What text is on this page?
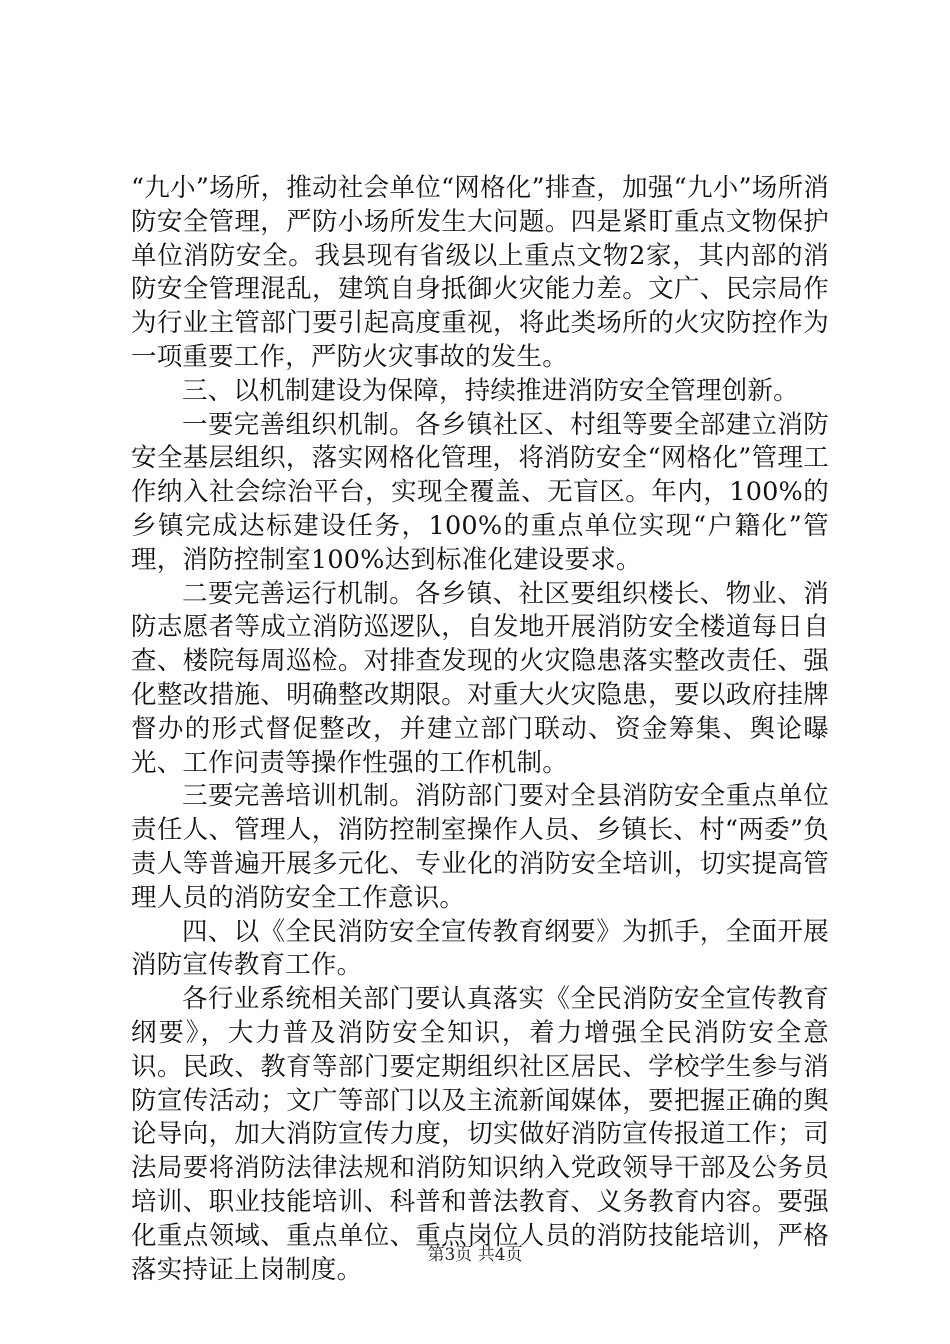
“九小”场所，推动社会单位“网格化”排查，加强“九小”场所消防安全管理，严防小场所发生大问题。四是紧盯重点文物保护单位消防安全。我县现有省级以上重点文物2家，其内部的消防安全管理混乱，建筑自身抵御火灾能力差。文广、民宗局作为行业主管部门要引起高度重视，将此类场所的火灾防控作为一项重要工作，严防火灾事故的发生。

三、以机制建设为保障，持续推进消防安全管理创新。

一要完善组织机制。各乡镇社区、村组等要全部建立消防安全基层组织，落实网格化管理，将消防安全“网格化”管理工作纳入社会综治平台，实现全覆盖、无盲区。年内，100%的乡镇完成达标建设任务，100%的重点单位实现“户籍化”管理，消防控制室100%达到标准化建设要求。

二要完善运行机制。各乡镇、社区要组织楼长、物业、消防志愿者等成立消防巡逻队，自发地开展消防安全楼道每日自查、楼院每周巡检。对排查发现的火灾隐患落实整改责任、强化整改措施、明确整改期限。对重大火灾隐患，要以政府挂牌督办的形式督促整改，并建立部门联动、资金筹集、舆论曝光、工作问责等操作性强的工作机制。

三要完善培训机制。消防部门要对全县消防安全重点单位责任人、管理人，消防控制室操作人员、乡镇长、村“两委”负责人等普遍开展多元化、专业化的消防安全培训，切实提高管理人员的消防安全工作意识。

四、以《全民消防安全宣传教育纲要》为抓手，全面开展消防宣传教育工作。

各行业系统相关部门要认真落实《全民消防安全宣传教育纲要》，大力普及消防安全知识，着力增强全民消防安全意识。民政、教育等部门要定期组织社区居民、学校学生参与消防宣传活动；文广等部门以及主流新闻媒体，要把握正确的舆论导向，加大消防宣传力度，切实做好消防宣传报道工作；司法局要将消防法律法规和消防知识纳入党政领导干部及公务员培训、职业技能培训、科普和普法教育、义务教育内容。要强化重点领域、重点单位、重点岗位人员的消防技能培训，严格落实持证上岗制度。	第3页 共4页
